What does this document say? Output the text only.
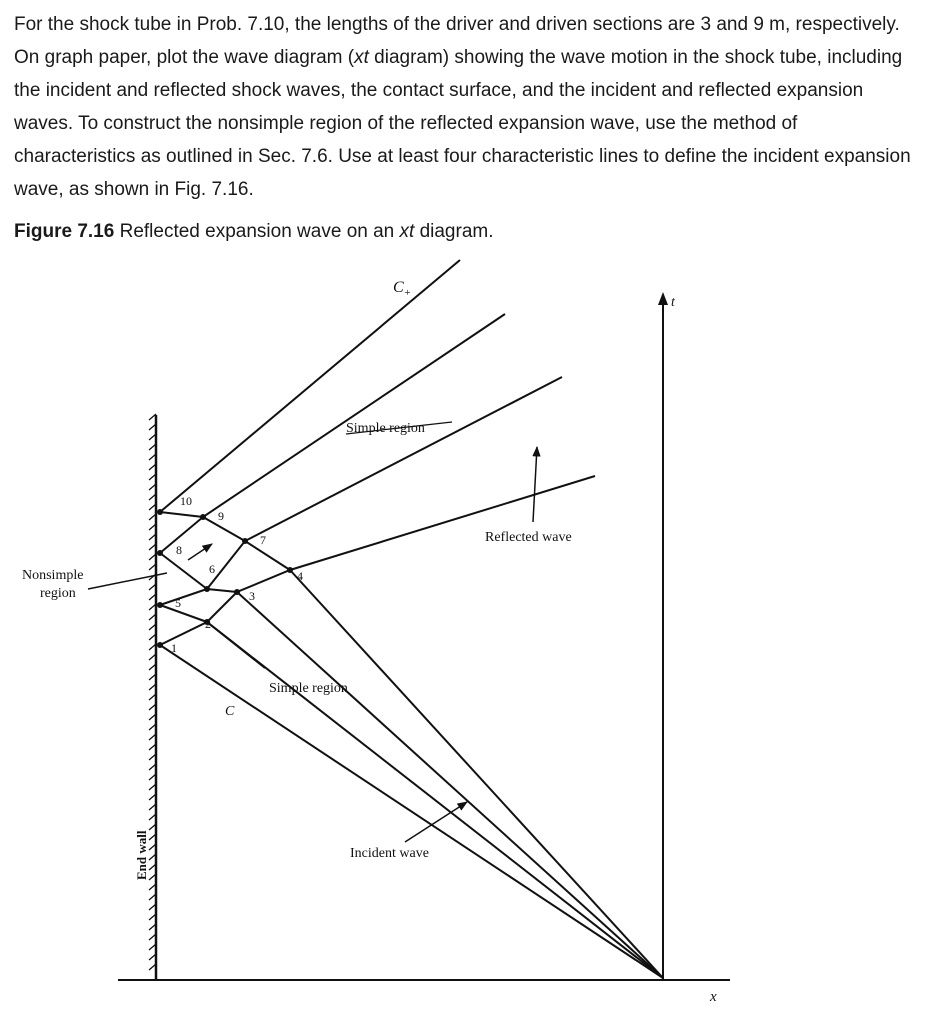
For the shock tube in Prob. 7.10, the lengths of the driver and driven sections are 3 and 9 m, respectively. On graph paper, plot the wave diagram (xt diagram) showing the wave motion in the shock tube, including the incident and reflected shock waves, the contact surface, and the incident and reflected expansion waves. To construct the nonsimple region of the reflected expansion wave, use the method of characteristics as outlined in Sec. 7.6. Use at least four characteristic lines to define the incident expansion wave, as shown in Fig. 7.16.

Figure 7.16 Reflected expansion wave on an xt diagram.
t
x
End wall
1
2
3
4
5
6
7
8
9
10
$C_+$
Simple region
Reflected wave
Nonsimple
region
Simple region
C
Incident wave
